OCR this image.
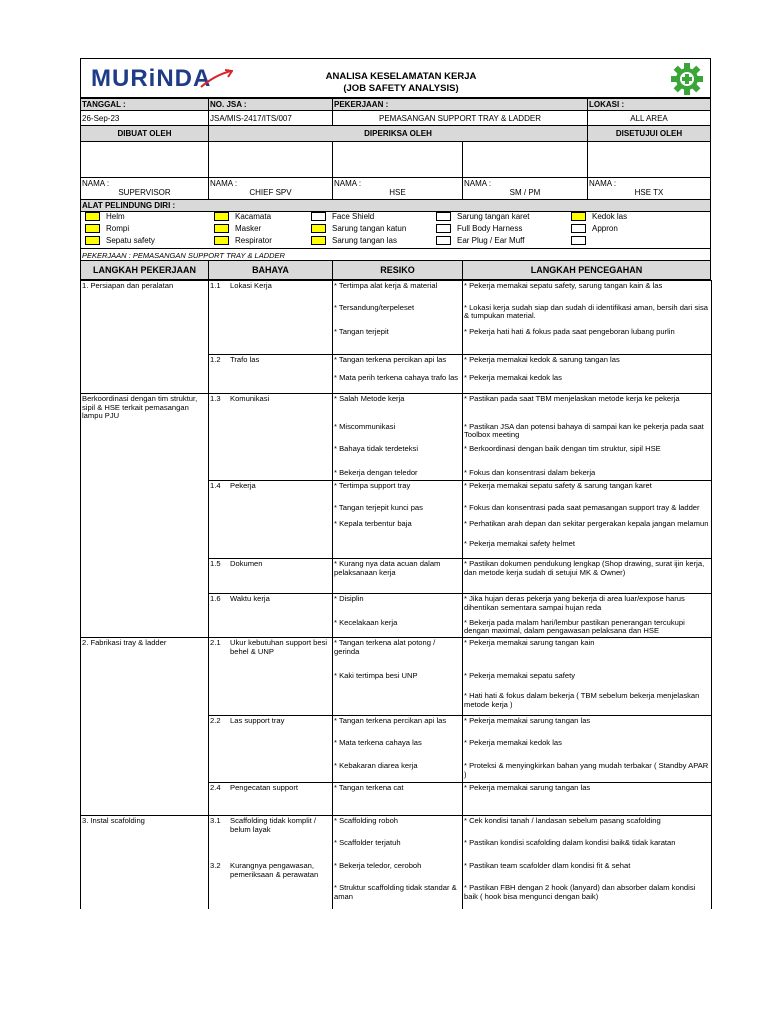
MURiNDA	ANALISA KESELAMATAN KERJA
(JOB SAFETY ANALYSIS)
TANGGAL :	NO. JSA :	PEKERJAAN :	LOKASI :
26-Sep-23	JSA/MIS-2417/ITS/007	PEMASANGAN SUPPORT TRAY & LADDER	ALL AREA
DIBUAT OLEH	DIPERIKSA OLEH	DISETUJUI OLEH
NAMA :
SUPERVISOR
NAMA :
CHIEF SPV
NAMA :
HSE
NAMA :
SM / PM
NAMA :
HSE TX
ALAT PELINDUNG DIRI :
Helm
Rompi
Sepatu safety
Kacamata
Masker
Respirator
Face Shield
Sarung tangan katun
Sarung tangan las
Sarung tangan karet
Full Body Harness
Ear Plug / Ear Muff
Kedok las
Appron
PEKERJAAN : PEMASANGAN SUPPORT TRAY & LADDER
LANGKAH PEKERJAAN	BAHAYA	RESIKO	LANGKAH PENCEGAHAN
1. Persiapan dan peralatan	1.1 Lokasi Kerja	* Tertimpa alat kerja & material	* Pekerja memakai sepatu safety, sarung tangan kain & las
		* Tersandung/terpeleset	* Lokasi kerja sudah siap dan sudah di identifikasi aman, bersih dari sisa & tumpukan material.
		* Tangan terjepit	* Pekerja hati hati & fokus pada saat pengeboran lubang purlin
	1.2 Trafo las	* Tangan terkena percikan api las	* Pekerja memakai kedok & sarung tangan las
		* Mata perih terkena cahaya trafo las	* Pekerja memakai kedok las
Berkoordinasi dengan tim struktur, sipil & HSE terkait pemasangan lampu PJU	1.3 Komunikasi	* Salah Metode kerja	* Pastikan pada saat TBM menjelaskan metode kerja ke pekerja
		* Miscommunikasi	* Pastikan JSA dan potensi bahaya di sampai kan ke pekerja pada saat Toolbox meeting
		* Bahaya tidak terdeteksi	* Berkoordinasi dengan baik dengan tim struktur, sipil HSE
		* Bekerja dengan teledor	* Fokus dan konsentrasi dalam bekerja
	1.4 Pekerja	* Tertimpa support tray	* Pekerja memakai sepatu safety & sarung tangan karet
		* Tangan terjepit kunci pas	* Fokus dan konsentrasi pada saat pemasangan support tray & ladder
		* Kepala terbentur baja	* Perhatikan arah depan dan sekitar pergerakan kepala jangan melamun
			* Pekerja memakai safety helmet
	1.5 Dokumen	* Kurang nya data acuan dalam pelaksanaan kerja	* Pastikan dokumen pendukung lengkap (Shop drawing, surat ijin kerja, dan metode kerja sudah di setujui MK & Owner)
	1.6 Waktu kerja	* Disiplin	* Jika hujan deras pekerja yang bekerja di area luar/expose harus dihentikan sementara sampai hujan reda
		* Kecelakaan kerja	* Bekerja pada malam hari/lembur pastikan penerangan tercukupi dengan maximal, dalam pengawasan pelaksana dan HSE
2. Fabrikasi tray & ladder	2.1 Ukur kebutuhan support besi behel & UNP	* Tangan terkena alat potong / gerinda	* Pekerja memakai sarung tangan kain
		* Kaki tertimpa besi UNP	* Pekerja memakai sepatu safety
			* Hati hati & fokus dalam bekerja ( TBM sebelum bekerja menjelaskan metode kerja )
	2.2 Las support tray	* Tangan terkena percikan api las	* Pekerja memakai sarung tangan las
		* Mata terkena cahaya las	* Pekerja memakai kedok las
		* Kebakaran diarea kerja	* Proteksi & menyingkirkan bahan yang mudah terbakar ( Standby APAR )
	2.4 Pengecatan support	* Tangan terkena cat	* Pekerja memakai sarung tangan las
3. Instal scafolding	3.1 Scaffolding tidak komplit / belum layak	* Scaffolding roboh	* Cek kondisi tanah / landasan sebelum pasang scafolding
		* Scaffolder terjatuh	* Pastikan kondisi scafolding dalam kondisi baik& tidak karatan
	3.2 Kurangnya pengawasan, pemeriksaan & perawatan	* Bekerja teledor, ceroboh	* Pastikan team scafolder dlam kondisi fit & sehat
		* Struktur scaffolding tidak standar & aman	* Pastikan FBH dengan 2 hook (lanyard) dan absorber dalam kondisi baik ( hook bisa mengunci dengan baik)
